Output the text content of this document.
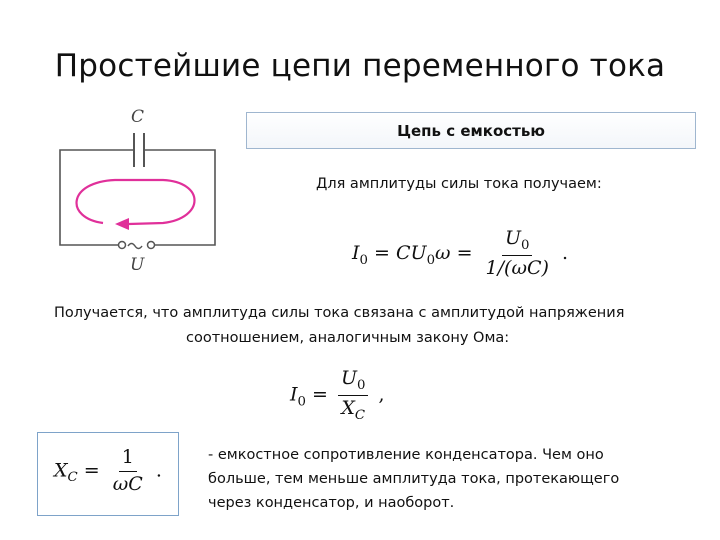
Простейшие цепи переменного тока
C
U
Цепь с емкостью
Для амплитуды силы тока получаем:
$I_0 = CU_0\omega = \frac{U_0}{1/(\omega C)}$ .
Получается, что амплитуда силы тока связана с амплитудой напряжения
соотношением, аналогичным закону Ома:
$I_0 = \frac{U_0}{X_C}$ ,
$X_C = \frac{1}{\omega C}$ .
- емкостное сопротивление конденсатора. Чем оно
больше, тем меньше амплитуда тока, протекающего
через конденсатор, и наоборот.
